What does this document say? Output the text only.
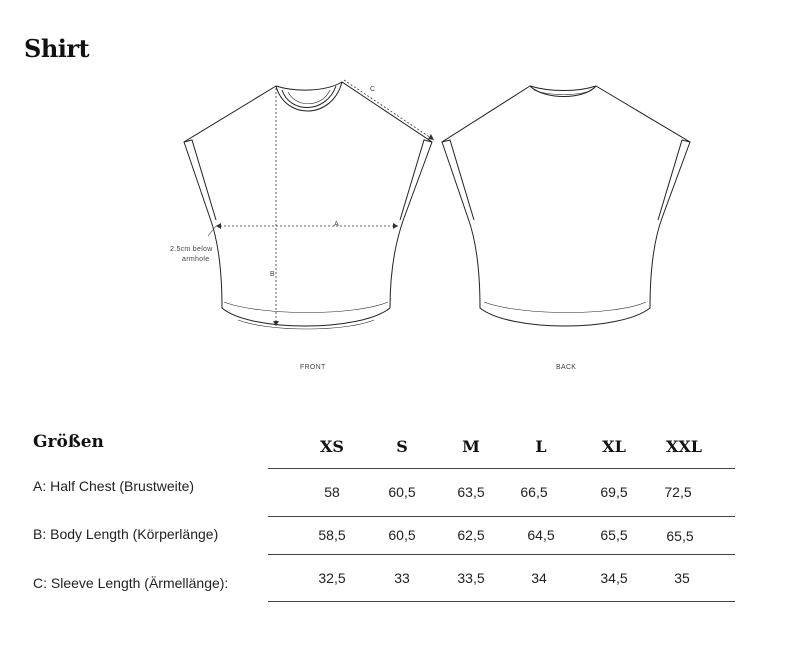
Shirt
A
B
C
2.5cm below
armhole
FRONT	BACK
Größen	XS	S	M	L	XL	XXL
A: Half Chest (Brustweite)	58	60,5	63,5	66,5	69,5	72,5
B: Body Length (Körperlänge)	58,5	60,5	62,5	64,5	65,5	65,5
C: Sleeve Length (Ärmellänge):	32,5	33	33,5	34	34,5	35
